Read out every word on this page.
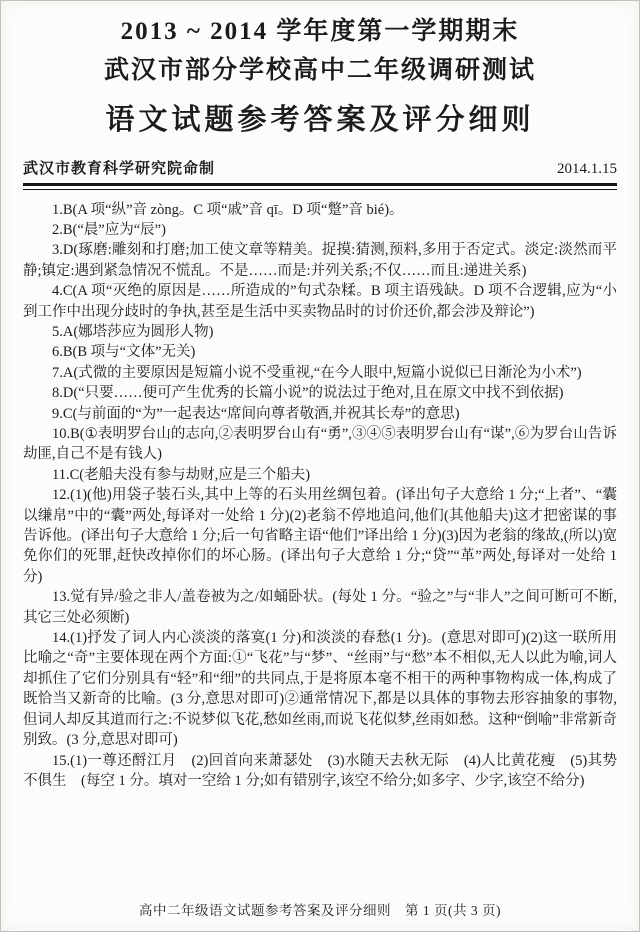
2013 ~ 2014 学年度第一学期期末
武汉市部分学校高中二年级调研测试
语文试题参考答案及评分细则
武汉市教育科学研究院命制	2014.1.15

1.B(A 项“纵”音 zòng。C 项“戚”音 qī。D 项“蹩”音 bié)。

2.B(“晨”应为“辰”)

3.D(琢磨:雕刻和打磨;加工使文章等精美。捉摸:猜测,预料,多用于否定式。淡定:淡然而平静;镇定:遇到紧急情况不慌乱。不是……而是:并列关系;不仅……而且:递进关系)

4.C(A 项“灭绝的原因是……所造成的”句式杂糅。B 项主语残缺。D 项不合逻辑,应为“小到工作中出现分歧时的争执,甚至是生活中买卖物品时的讨价还价,都会涉及辩论”)

5.A(娜塔莎应为圆形人物)

6.B(B 项与“文体”无关)

7.A(式微的主要原因是短篇小说不受重视,“在今人眼中,短篇小说似已日渐沦为小术”)

8.D(“只要……便可产生优秀的长篇小说”的说法过于绝对,且在原文中找不到依据)

9.C(与前面的“为”一起表达“席间向尊者敬酒,并祝其长寿”的意思)

10.B(①表明罗台山的志向,②表明罗台山有“勇”,③④⑤表明罗台山有“谋”,⑥为罗台山告诉劫匪,自己不是有钱人)

11.C(老船夫没有参与劫财,应是三个船夫)

12.(1)(他)用袋子装石头,其中上等的石头用丝绸包着。(译出句子大意给 1 分;“上者”、“囊以缣帛”中的“囊”两处,每译对一处给 1 分)(2)老翁不停地追问,他们(其他船夫)这才把密谋的事告诉他。(译出句子大意给 1 分;后一句省略主语“他们”译出给 1 分)(3)因为老翁的缘故,(所以)宽免你们的死罪,赶快改掉你们的坏心肠。(译出句子大意给 1 分;“贷”“革”两处,每译对一处给 1 分)

13.觉有异/验之非人/盖卷被为之/如蛹卧状。(每处 1 分。“验之”与“非人”之间可断可不断,其它三处必须断)

14.(1)抒发了词人内心淡淡的落寞(1 分)和淡淡的春愁(1 分)。(意思对即可)(2)这一联所用比喻之“奇”主要体现在两个方面:①“飞花”与“梦”、“丝雨”与“愁”本不相似,无人以此为喻,词人却抓住了它们分别具有“轻”和“细”的共同点,于是将原本毫不相干的两种事物构成一体,构成了既恰当又新奇的比喻。(3 分,意思对即可)②通常情况下,都是以具体的事物去形容抽象的事物,但词人却反其道而行之:不说梦似飞花,愁如丝雨,而说飞花似梦,丝雨如愁。这种“倒喻”非常新奇别致。(3 分,意思对即可)

15.(1)一尊还酹江月　(2)回首向来萧瑟处　(3)水随天去秋无际　(4)人比黄花瘦　(5)其势不俱生　(每空 1 分。填对一空给 1 分;如有错别字,该空不给分;如多字、少字,该空不给分)

高中二年级语文试题参考答案及评分细则　第 1 页(共 3 页)
